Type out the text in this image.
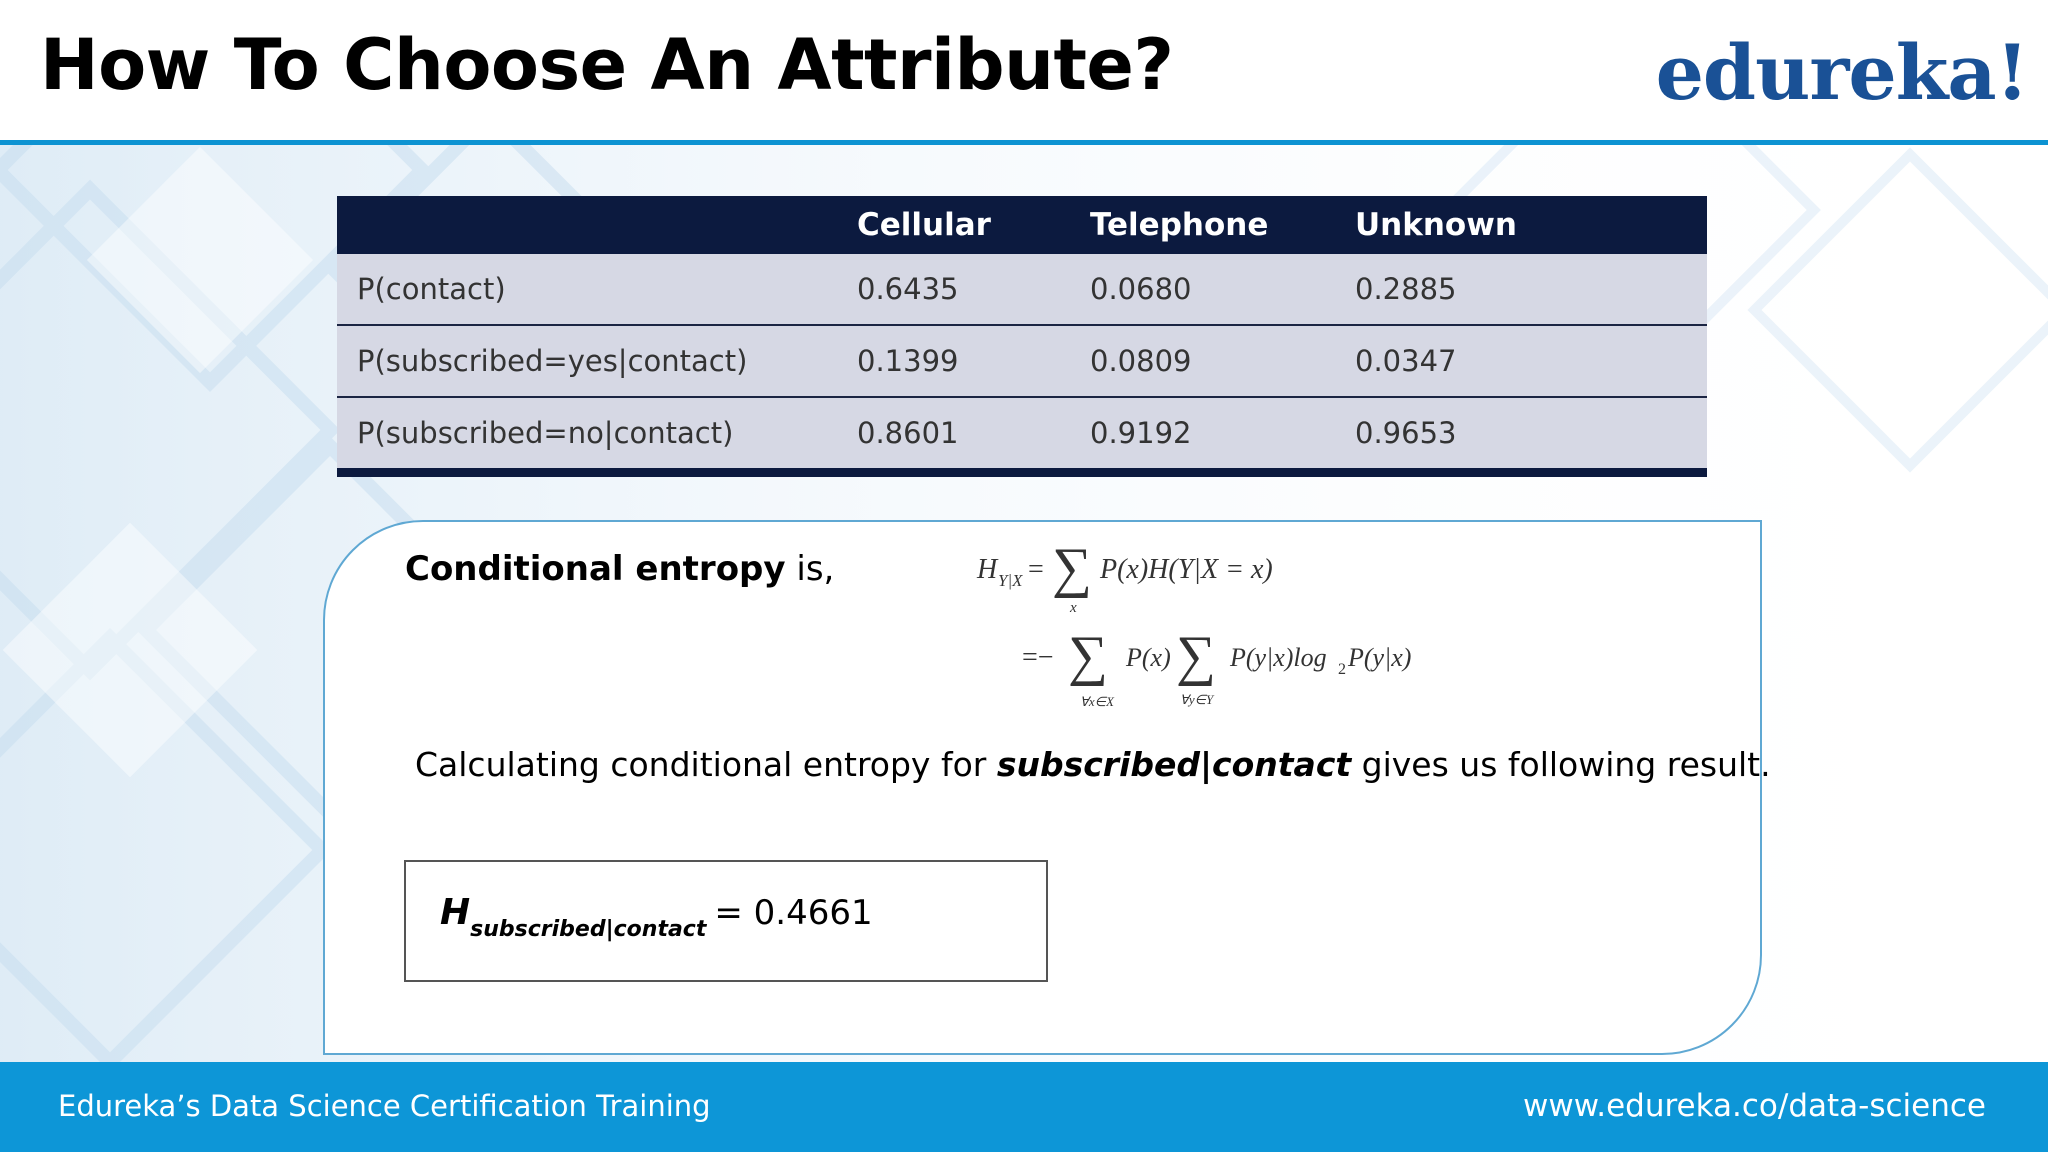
How To Choose An Attribute?	edureka!
	Cellular	Telephone	Unknown
P(contact)	0.6435	0.0680	0.2885
P(subscribed=yes|contact)	0.1399	0.0809	0.0347
P(subscribed=no|contact)	0.8601	0.9192	0.9653
Conditional entropy is,	H Y|X = ∑
x
P(x)H(Y|X = x)
=− ∑
∀x∈X
P(x) ∑
∀y∈Y
P(y|x)log 2 P(y|x)
Calculating conditional entropy for subscribed|contact gives us following result.
$H_{subscribed|contact} = 0.4661$
Edureka’s Data Science Certification Training	www.edureka.co/data-science
